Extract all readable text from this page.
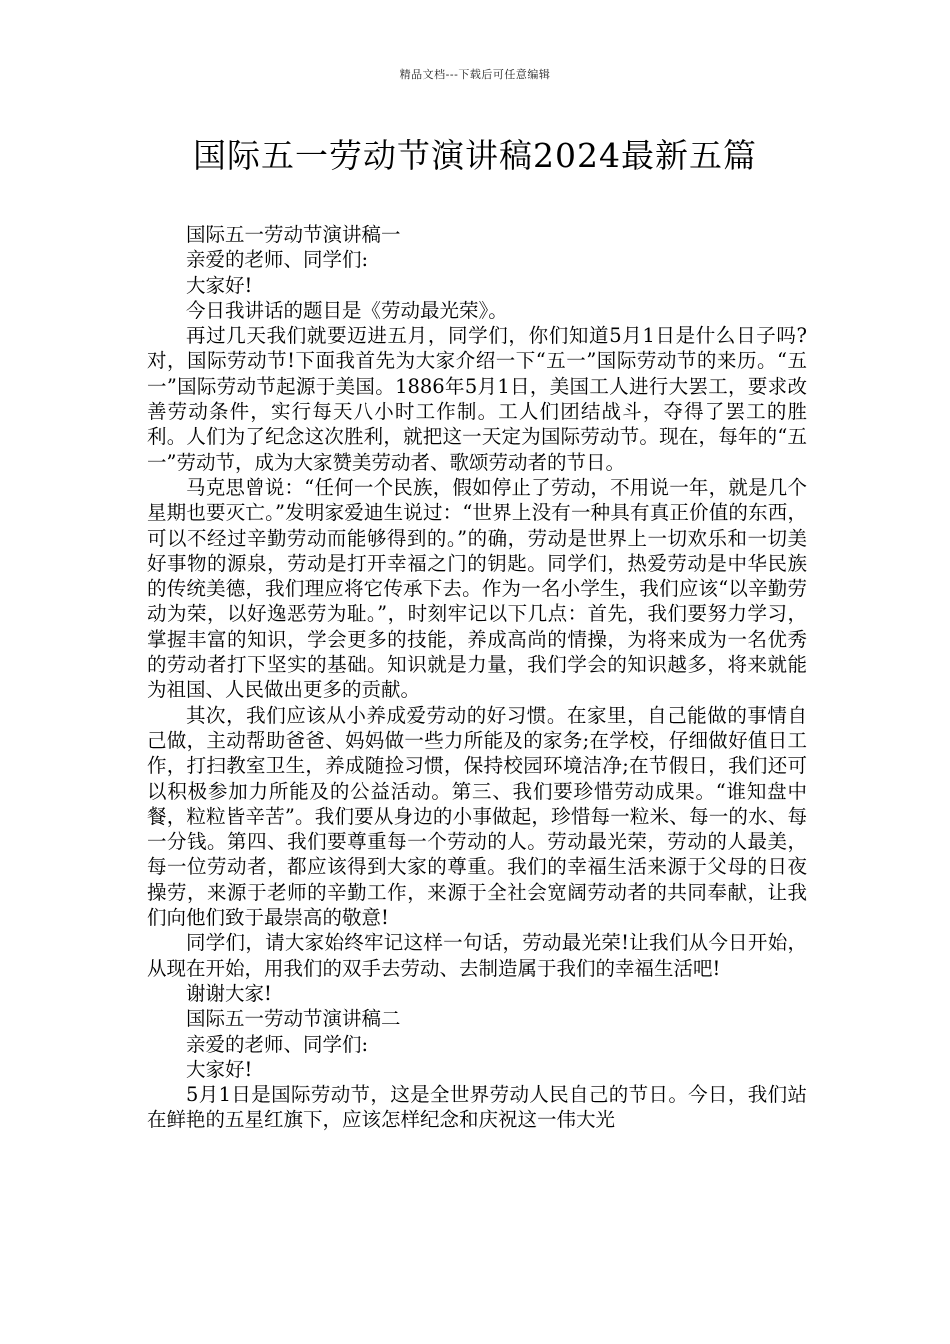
精品文档---下载后可任意编辑
国际五一劳动节演讲稿2024最新五篇

国际五一劳动节演讲稿一

亲爱的老师、同学们:

大家好!

今日我讲话的题目是《劳动最光荣》。

再过几天我们就要迈进五月，同学们，你们知道5月1日是什么日子吗?对，国际劳动节!下面我首先为大家介绍一下“五一”国际劳动节的来历。“五一”国际劳动节起源于美国。1886年5月1日，美国工人进行大罢工，要求改善劳动条件，实行每天八小时工作制。工人们团结战斗，夺得了罢工的胜利。人们为了纪念这次胜利，就把这一天定为国际劳动节。现在，每年的“五一”劳动节，成为大家赞美劳动者、歌颂劳动者的节日。

马克思曾说：“任何一个民族，假如停止了劳动，不用说一年，就是几个星期也要灭亡。”发明家爱迪生说过：“世界上没有一种具有真正价值的东西，可以不经过辛勤劳动而能够得到的。”的确，劳动是世界上一切欢乐和一切美好事物的源泉，劳动是打开幸福之门的钥匙。同学们，热爱劳动是中华民族的传统美德，我们理应将它传承下去。作为一名小学生，我们应该“以辛勤劳动为荣，以好逸恶劳为耻。”，时刻牢记以下几点：首先，我们要努力学习，掌握丰富的知识，学会更多的技能，养成高尚的情操，为将来成为一名优秀的劳动者打下坚实的基础。知识就是力量，我们学会的知识越多，将来就能为祖国、人民做出更多的贡献。

其次，我们应该从小养成爱劳动的好习惯。在家里，自己能做的事情自己做，主动帮助爸爸、妈妈做一些力所能及的家务;在学校，仔细做好值日工作，打扫教室卫生，养成随捡习惯，保持校园环境洁净;在节假日，我们还可以积极参加力所能及的公益活动。第三、我们要珍惜劳动成果。“谁知盘中餐，粒粒皆辛苦”。我们要从身边的小事做起，珍惜每一粒米、每一的水、每一分钱。第四、我们要尊重每一个劳动的人。劳动最光荣，劳动的人最美，每一位劳动者，都应该得到大家的尊重。我们的幸福生活来源于父母的日夜操劳，来源于老师的辛勤工作，来源于全社会宽阔劳动者的共同奉献，让我们向他们致于最崇高的敬意!

同学们，请大家始终牢记这样一句话，劳动最光荣!让我们从今日开始，从现在开始，用我们的双手去劳动、去制造属于我们的幸福生活吧!

谢谢大家!

国际五一劳动节演讲稿二

亲爱的老师、同学们:

大家好!

5月1日是国际劳动节，这是全世界劳动人民自己的节日。今日，我们站在鲜艳的五星红旗下，应该怎样纪念和庆祝这一伟大光
